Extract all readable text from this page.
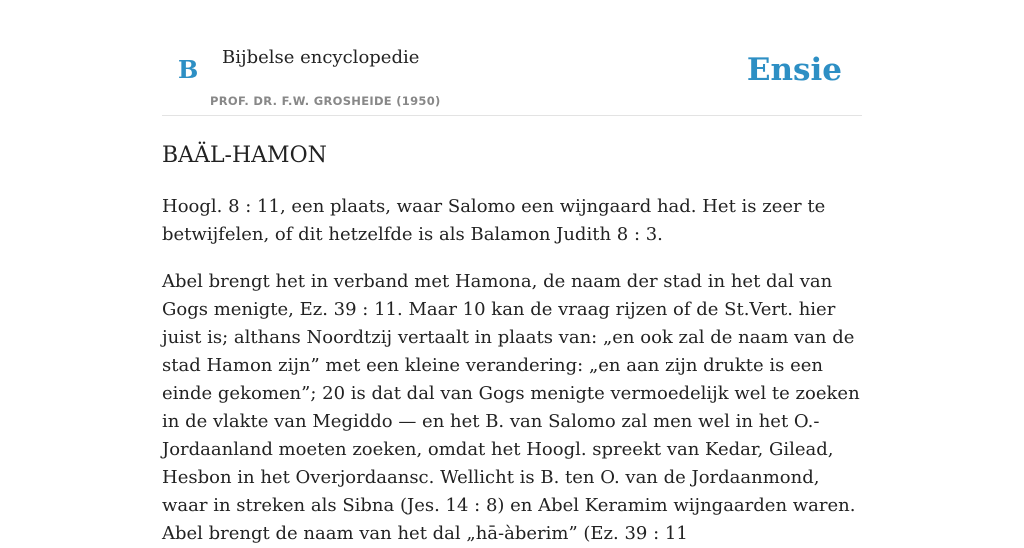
B Bijbelse encyclopedie
PROF. DR. F.W. GROSHEIDE (1950)
Ensie
BAÄL-HAMON

Hoogl. 8 : 11, een plaats, waar Salomo een wijngaard had. Het is zeer te betwijfelen, of dit hetzelfde is als Balamon Judith 8 : 3.

Abel brengt het in verband met Hamona, de naam der stad in het dal van Gogs menigte, Ez. 39 : 11. Maar 10 kan de vraag rijzen of de St.Vert. hier juist is; althans Noordtzij vertaalt in plaats van: „en ook zal de naam van de stad Hamon zijn” met een kleine verandering: „en aan zijn drukte is een einde gekomen”; 20 is dat dal van Gogs menigte vermoedelijk wel te zoeken in de vlakte van Megiddo — en het B. van Salomo zal men wel in het O.-Jordaanland moeten zoeken, omdat het Hoogl. spreekt van Kedar, Gilead, Hesbon in het Overjordaansc. Wellicht is B. ten O. van de Jordaanmond, waar in streken als Sibna (Jes. 14 : 8) en Abel Keramim wijngaarden waren. Abel brengt de naam van het dal „hā-àberim” (Ez. 39 : 11
